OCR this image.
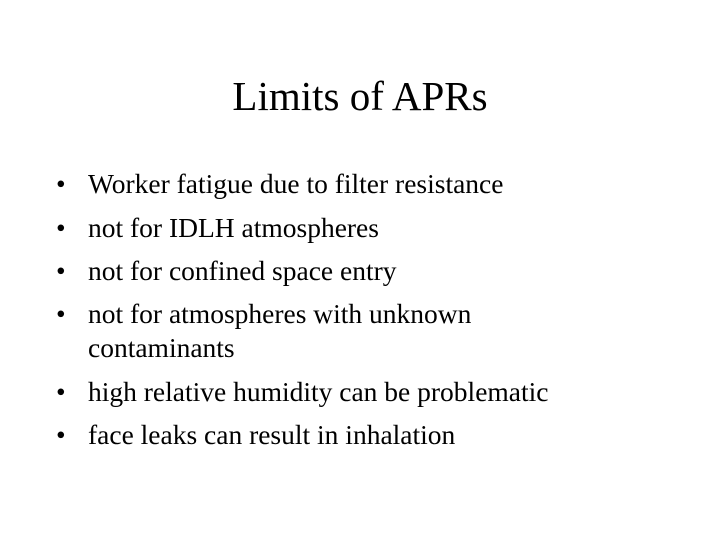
Limits of APRs
• Worker fatigue due to filter resistance
• not for IDLH atmospheres
• not for confined space entry
• not for atmospheres with unknown contaminants
• high relative humidity can be problematic
• face leaks can result in inhalation
